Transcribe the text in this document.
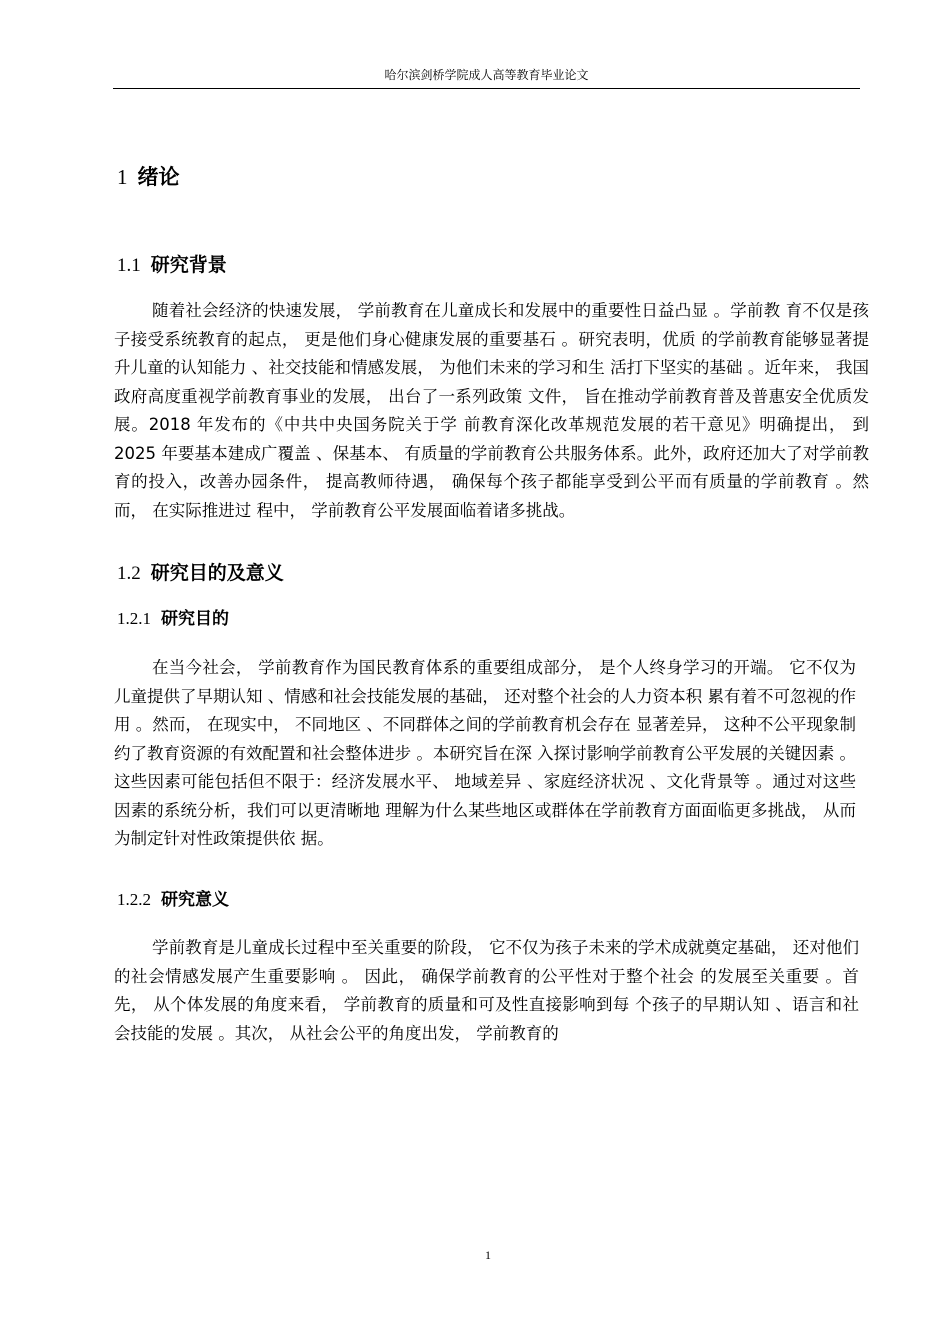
哈尔滨剑桥学院成人高等教育毕业论文
1 绪论
1.1 研究背景

随着社会经济的快速发展， 学前教育在儿童成长和发展中的重要性日益凸显 。学前教 育不仅是孩子接受系统教育的起点， 更是他们身心健康发展的重要基石 。研究表明，优质 的学前教育能够显著提升儿童的认知能力 、社交技能和情感发展， 为他们未来的学习和生 活打下坚实的基础 。近年来， 我国政府高度重视学前教育事业的发展， 出台了一系列政策 文件， 旨在推动学前教育普及普惠安全优质发展。2018 年发布的《中共中央国务院关于学 前教育深化改革规范发展的若干意见》明确提出， 到 2025 年要基本建成广覆盖 、保基本、 有质量的学前教育公共服务体系。此外，政府还加大了对学前教育的投入，改善办园条件， 提高教师待遇， 确保每个孩子都能享受到公平而有质量的学前教育 。然而， 在实际推进过 程中， 学前教育公平发展面临着诸多挑战。

1.2 研究目的及意义
1.2.1 研究目的

在当今社会， 学前教育作为国民教育体系的重要组成部分， 是个人终身学习的开端。 它不仅为儿童提供了早期认知 、情感和社会技能发展的基础， 还对整个社会的人力资本积 累有着不可忽视的作用 。然而， 在现实中， 不同地区 、不同群体之间的学前教育机会存在 显著差异， 这种不公平现象制约了教育资源的有效配置和社会整体进步 。本研究旨在深 入探讨影响学前教育公平发展的关键因素 。这些因素可能包括但不限于：经济发展水平、 地域差异 、家庭经济状况 、文化背景等 。通过对这些因素的系统分析，我们可以更清晰地 理解为什么某些地区或群体在学前教育方面面临更多挑战， 从而为制定针对性政策提供依 据。

1.2.2 研究意义

学前教育是儿童成长过程中至关重要的阶段， 它不仅为孩子未来的学术成就奠定基础， 还对他们的社会情感发展产生重要影响 。 因此， 确保学前教育的公平性对于整个社会 的发展至关重要 。首先， 从个体发展的角度来看， 学前教育的质量和可及性直接影响到每 个孩子的早期认知 、语言和社会技能的发展 。其次， 从社会公平的角度出发， 学前教育的

1
